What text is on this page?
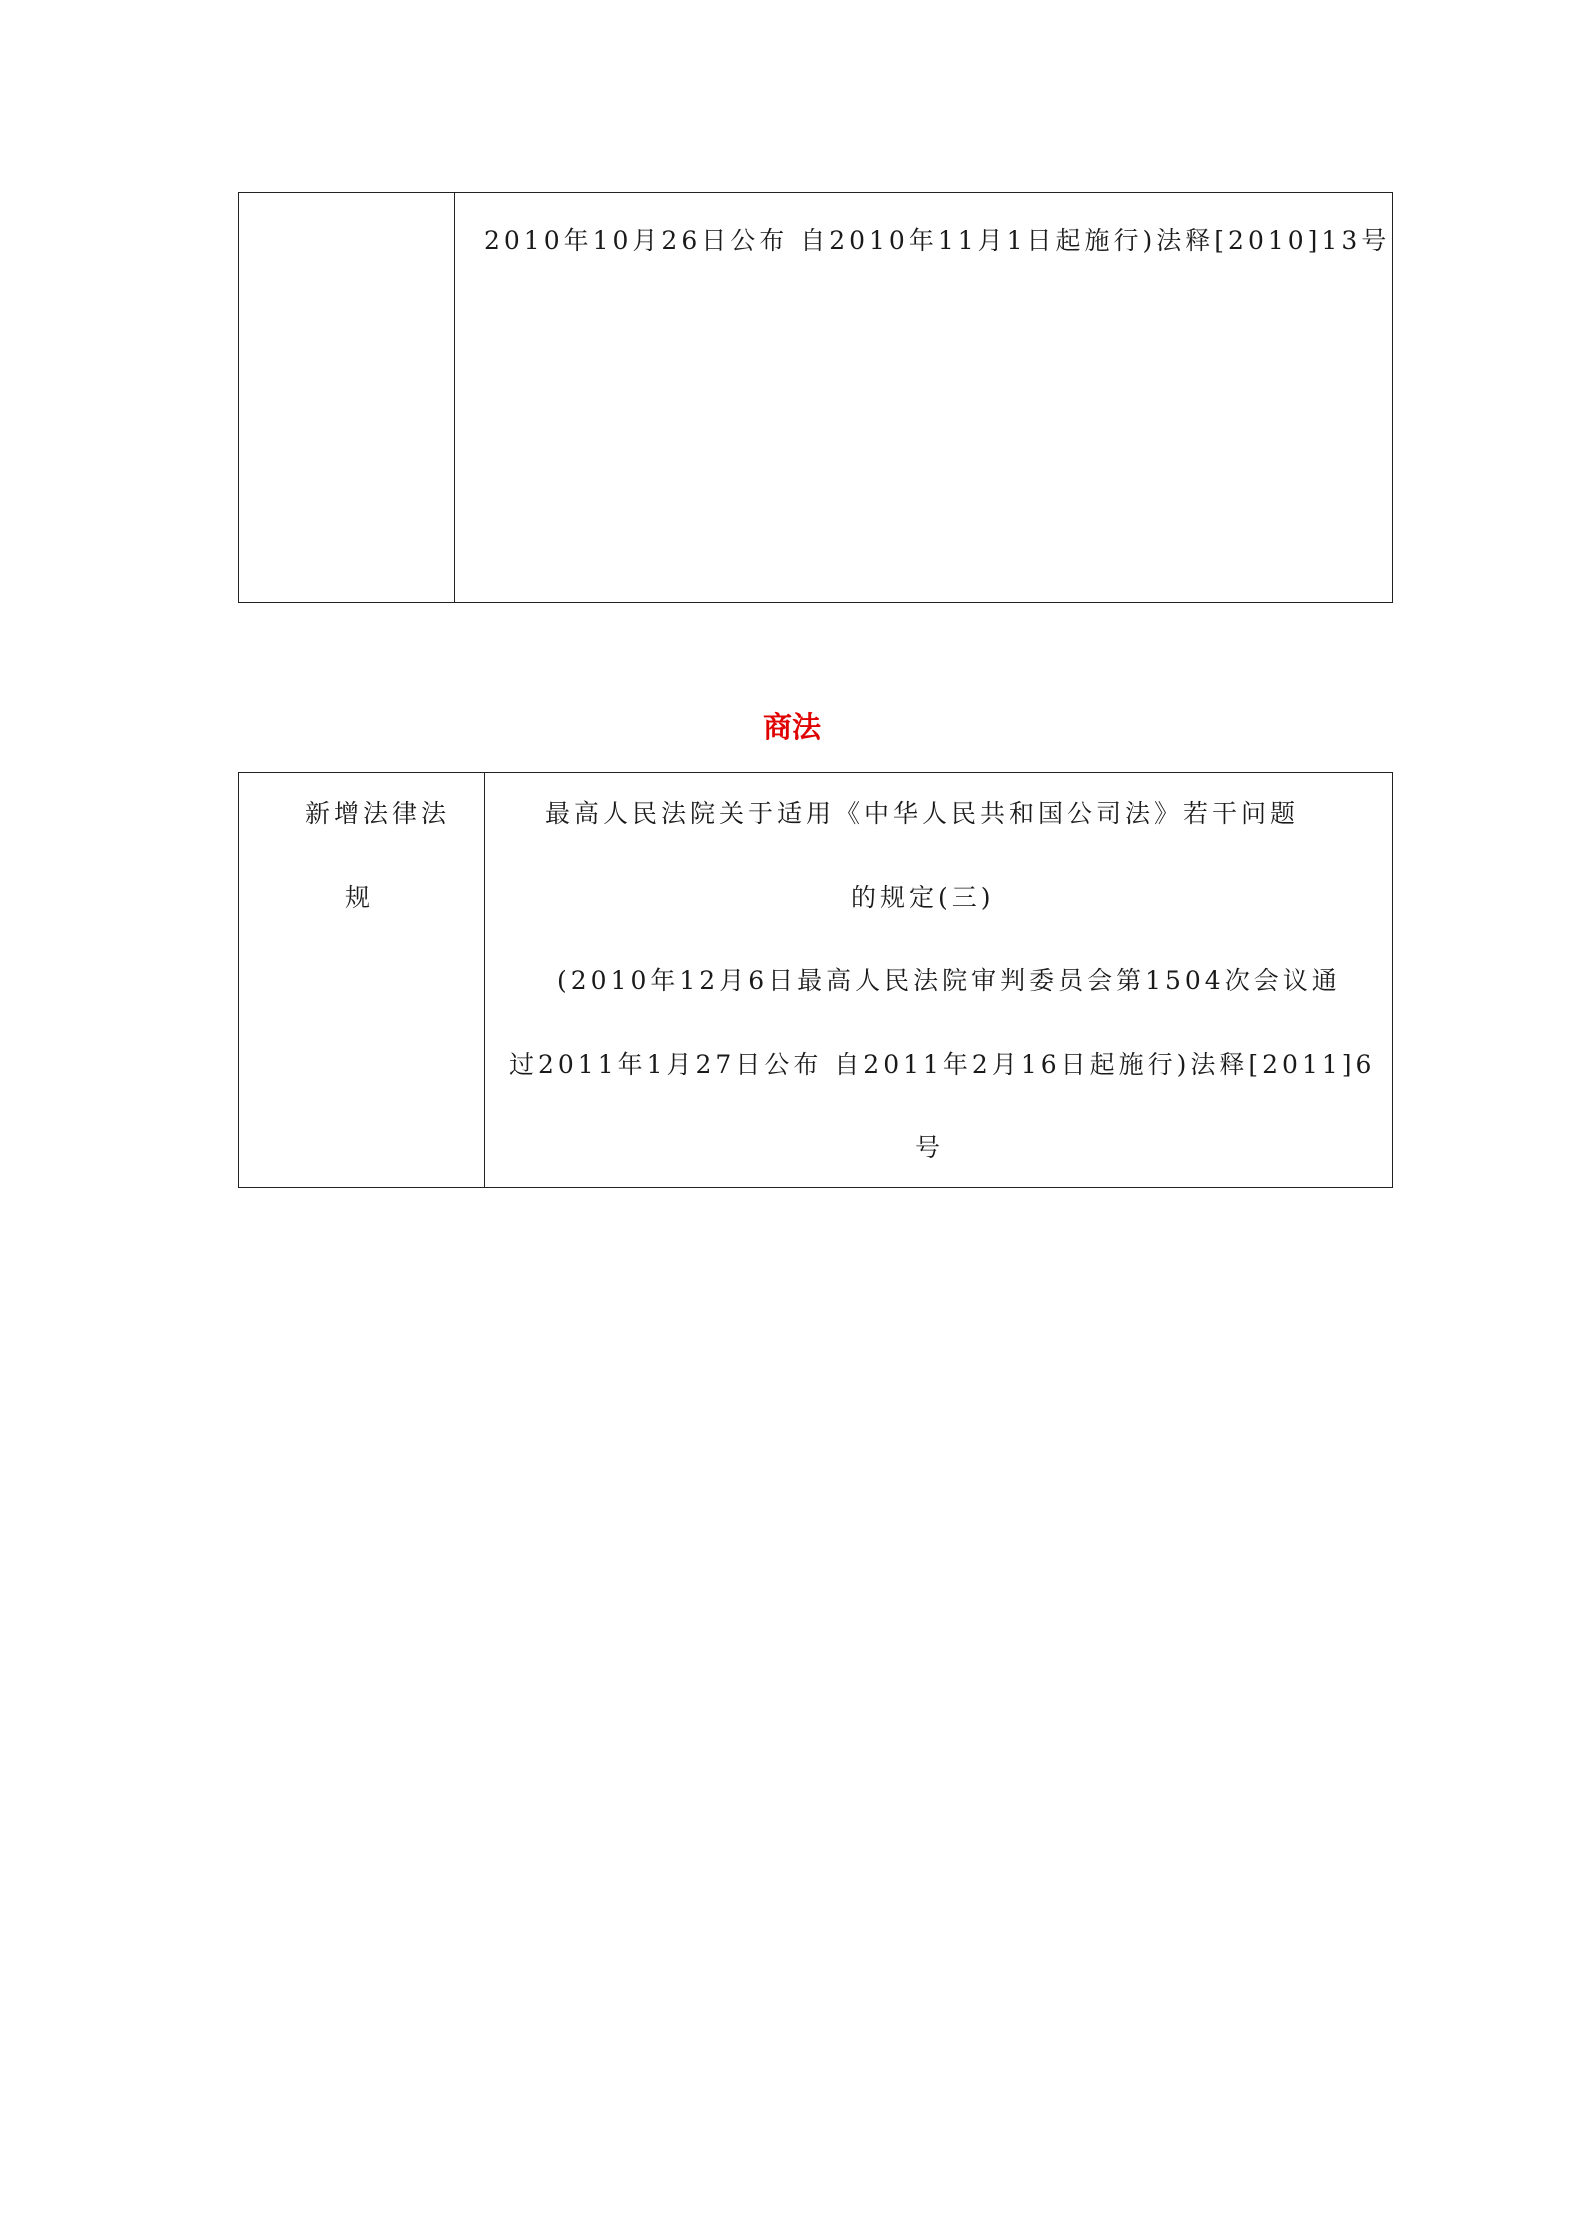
2010年10月26日公布 自2010年11月1日起施行)法释[2010]13号
商法
新增法律法
规
最高人民法院关于适用《中华人民共和国公司法》若干问题
的规定(三)
(2010年12月6日最高人民法院审判委员会第1504次会议通
过2011年1月27日公布 自2011年2月16日起施行)法释[2011]6
号
